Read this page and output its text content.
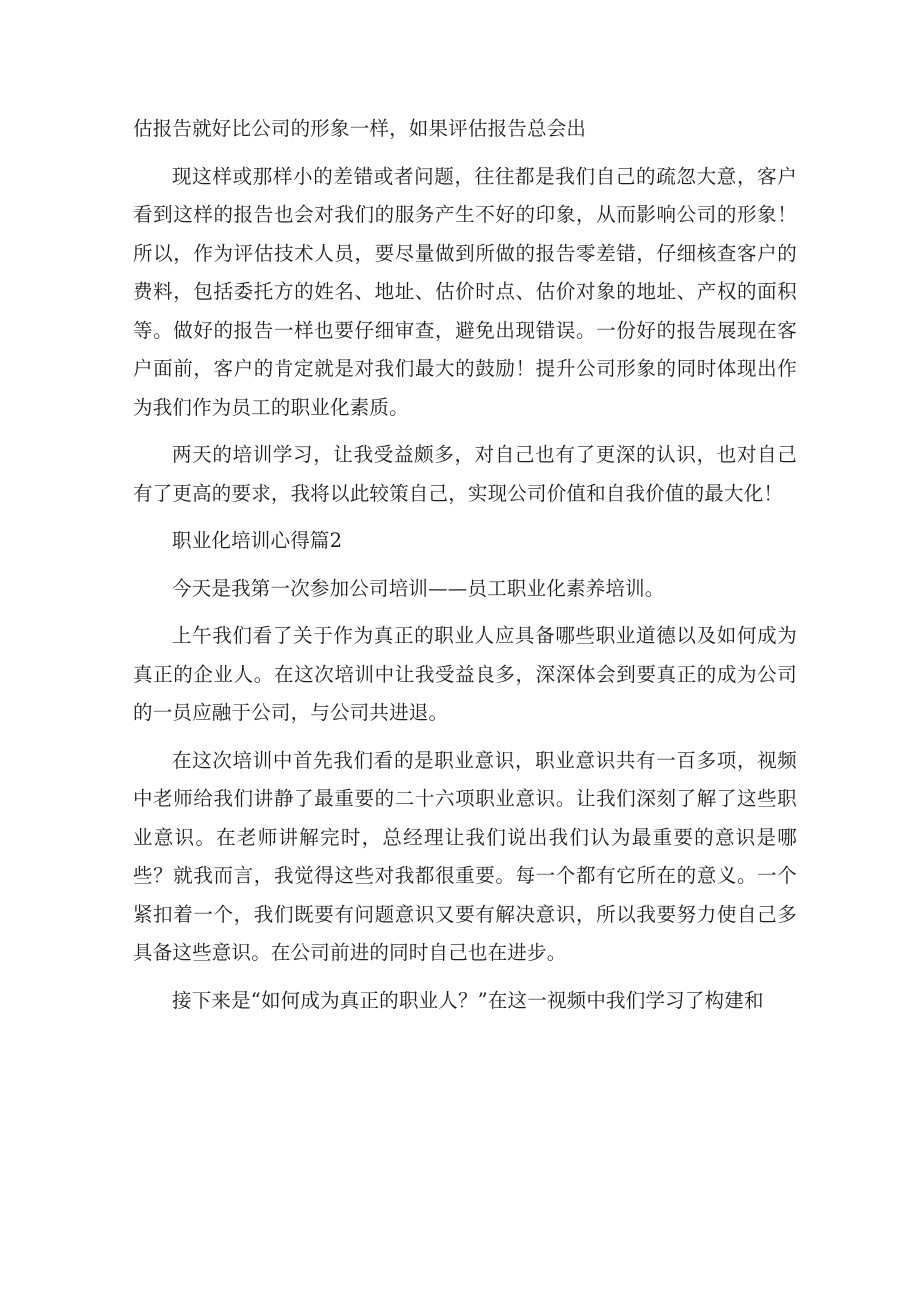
估报告就好比公司的形象一样，如果评估报告总会出

现这样或那样小的差错或者问题，往往都是我们自己的疏忽大意，客户看到这样的报告也会对我们的服务产生不好的印象，从而影响公司的形象！所以，作为评估技术人员，要尽量做到所做的报告零差错，仔细核查客户的费料，包括委托方的姓名、地址、估价时点、估价对象的地址、产权的面积等。做好的报告一样也要仔细审查，避免出现错误。一份好的报告展现在客户面前，客户的肯定就是对我们最大的鼓励！提升公司形象的同时体现出作为我们作为员工的职业化素质。

两天的培训学习，让我受益颇多，对自己也有了更深的认识，也对自己有了更高的要求，我将以此较策自己，实现公司价值和自我价值的最大化！

职业化培训心得篇2

今天是我第一次参加公司培训——员工职业化素养培训。

上午我们看了关于作为真正的职业人应具备哪些职业道德以及如何成为真正的企业人。在这次培训中让我受益良多，深深体会到要真正的成为公司的一员应融于公司，与公司共进退。

在这次培训中首先我们看的是职业意识，职业意识共有一百多项，视频中老师给我们讲静了最重要的二十六项职业意识。让我们深刻了解了这些职业意识。在老师讲解完时，总经理让我们说出我们认为最重要的意识是哪些？就我而言，我觉得这些对我都很重要。每一个都有它所在的意义。一个紧扣着一个，我们既要有问题意识又要有解决意识，所以我要努力使自己多具备这些意识。在公司前进的同时自己也在进步。

接下来是“如何成为真正的职业人？”在这一视频中我们学习了构建和
